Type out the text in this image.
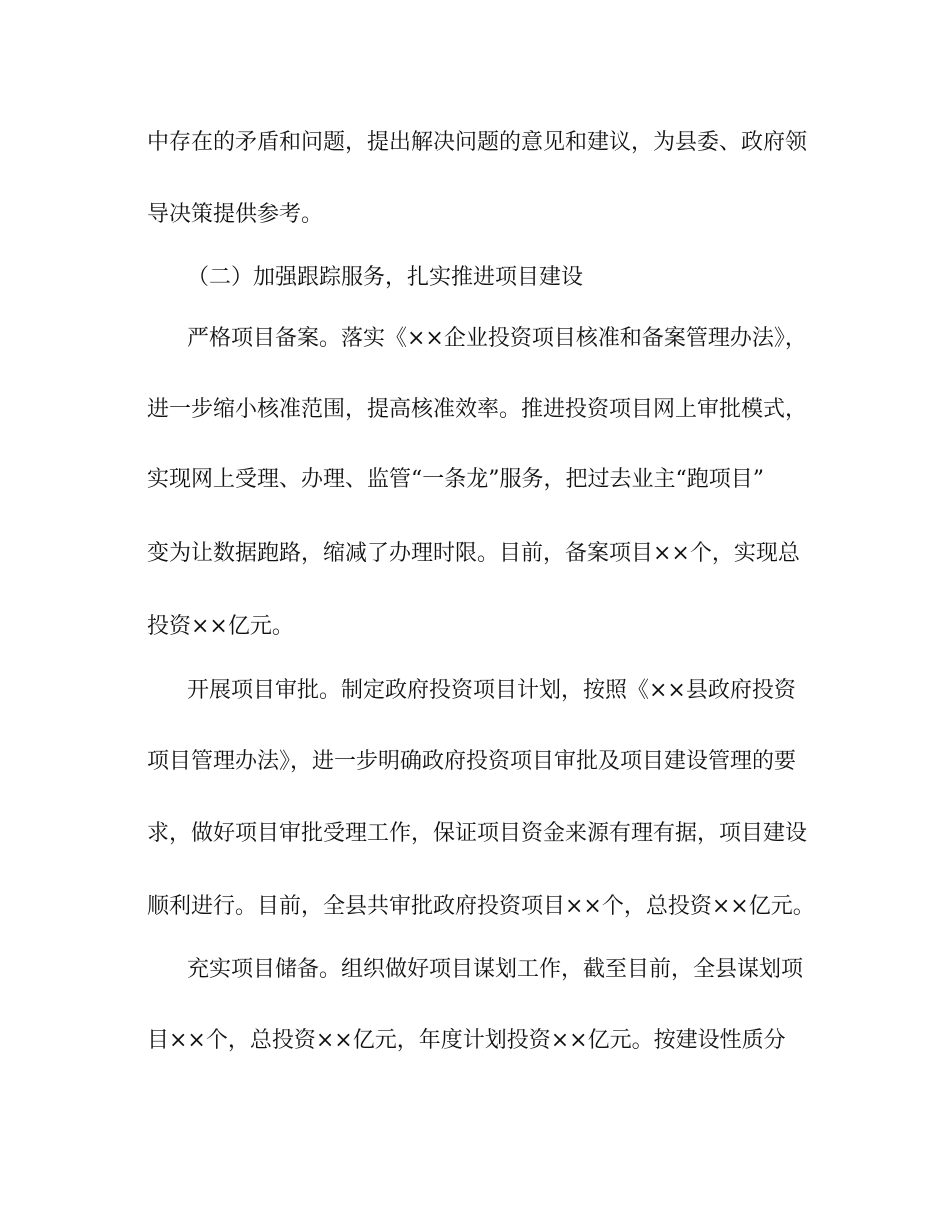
中存在的矛盾和问题，提出解决问题的意见和建议，为县委、政府领
导决策提供参考。
（二）加强跟踪服务，扎实推进项目建设
严格项目备案。落实《××企业投资项目核准和备案管理办法》，
进一步缩小核准范围，提高核准效率。推进投资项目网上审批模式，
实现网上受理、办理、监管“一条龙”服务，把过去业主“跑项目”
变为让数据跑路，缩减了办理时限。目前，备案项目××个，实现总
投资××亿元。
开展项目审批。制定政府投资项目计划，按照《××县政府投资
项目管理办法》，进一步明确政府投资项目审批及项目建设管理的要
求，做好项目审批受理工作，保证项目资金来源有理有据，项目建设
顺利进行。目前，全县共审批政府投资项目××个，总投资××亿元。
充实项目储备。组织做好项目谋划工作，截至目前，全县谋划项
目××个，总投资××亿元，年度计划投资××亿元。按建设性质分
